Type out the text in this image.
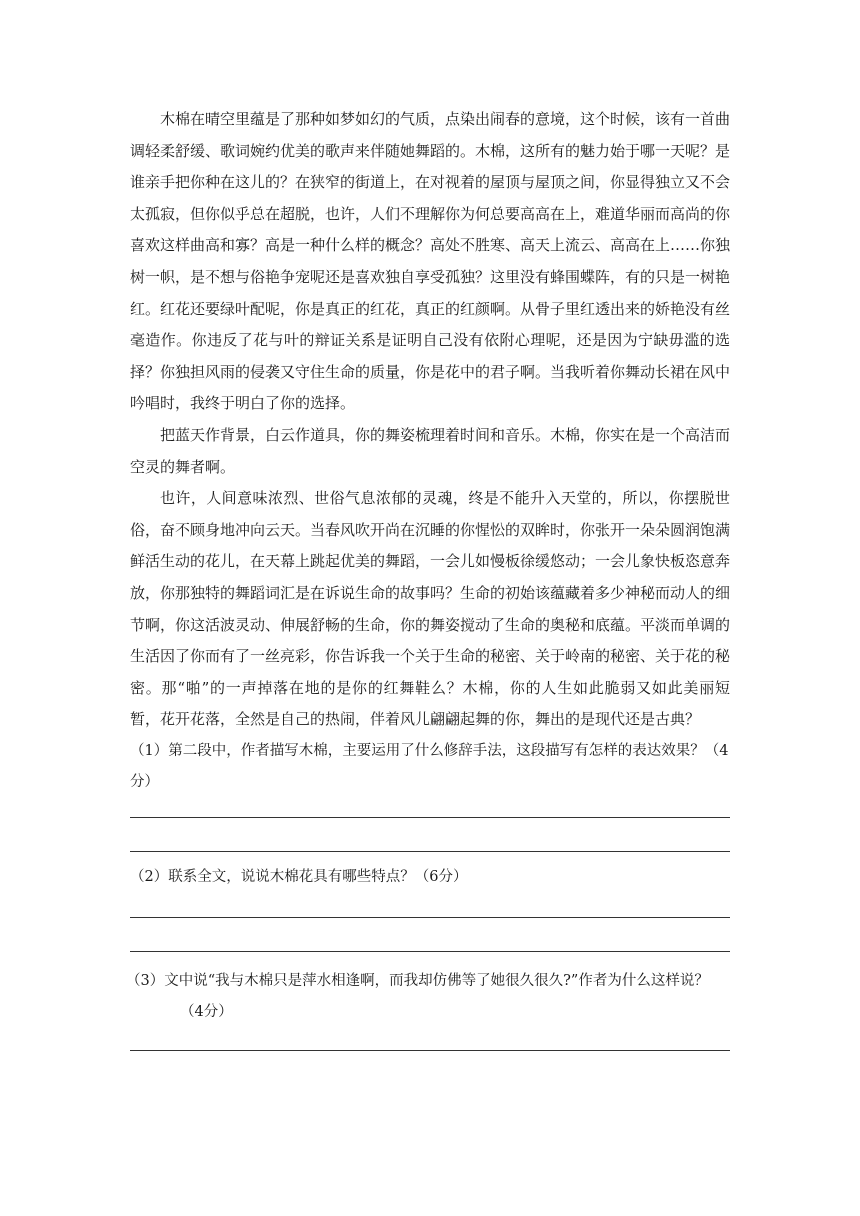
木棉在晴空里蕴是了那种如梦如幻的气质，点染出闹春的意境，这个时候，该有一首曲调轻柔舒缓、歌词婉约优美的歌声来伴随她舞蹈的。木棉，这所有的魅力始于哪一天呢？是谁亲手把你种在这儿的？在狭窄的街道上，在对视着的屋顶与屋顶之间，你显得独立又不会太孤寂，但你似乎总在超脱，也许，人们不理解你为何总要高高在上，难道华丽而高尚的你喜欢这样曲高和寡？高是一种什么样的概念？高处不胜寒、高天上流云、高高在上……你独树一帜，是不想与俗艳争宠呢还是喜欢独自享受孤独？这里没有蜂围蝶阵，有的只是一树艳红。红花还要绿叶配呢，你是真正的红花，真正的红颜啊。从骨子里红透出来的娇艳没有丝毫造作。你违反了花与叶的辩证关系是证明自己没有依附心理呢，还是因为宁缺毋滥的选择？你独担风雨的侵袭又守住生命的质量，你是花中的君子啊。当我听着你舞动长裙在风中吟唱时，我终于明白了你的选择。

把蓝天作背景，白云作道具，你的舞姿梳理着时间和音乐。木棉，你实在是一个高洁而空灵的舞者啊。

也许，人间意味浓烈、世俗气息浓郁的灵魂，终是不能升入天堂的，所以，你摆脱世俗，奋不顾身地冲向云天。当春风吹开尚在沉睡的你惺忪的双眸时，你张开一朵朵圆润饱满鲜活生动的花儿，在天幕上跳起优美的舞蹈，一会儿如慢板徐缓悠动；一会儿象快板恣意奔放，你那独特的舞蹈词汇是在诉说生命的故事吗？生命的初始该蕴藏着多少神秘而动人的细节啊，你这活波灵动、伸展舒畅的生命，你的舞姿搅动了生命的奥秘和底蕴。平淡而单调的生活因了你而有了一丝亮彩，你告诉我一个关于生命的秘密、关于岭南的秘密、关于花的秘密。那“啪”的一声掉落在地的是你的红舞鞋么？木棉，你的人生如此脆弱又如此美丽短暂，花开花落，全然是自己的热闹，伴着风儿翩翩起舞的你，舞出的是现代还是古典？

（1）第二段中，作者描写木棉，主要运用了什么修辞手法，这段描写有怎样的表达效果？（4分）

（2）联系全文，说说木棉花具有哪些特点？（6分）

（3）文中说“我与木棉只是萍水相逢啊，而我却仿佛等了她很久很久?”作者为什么这样说？
（4分）
